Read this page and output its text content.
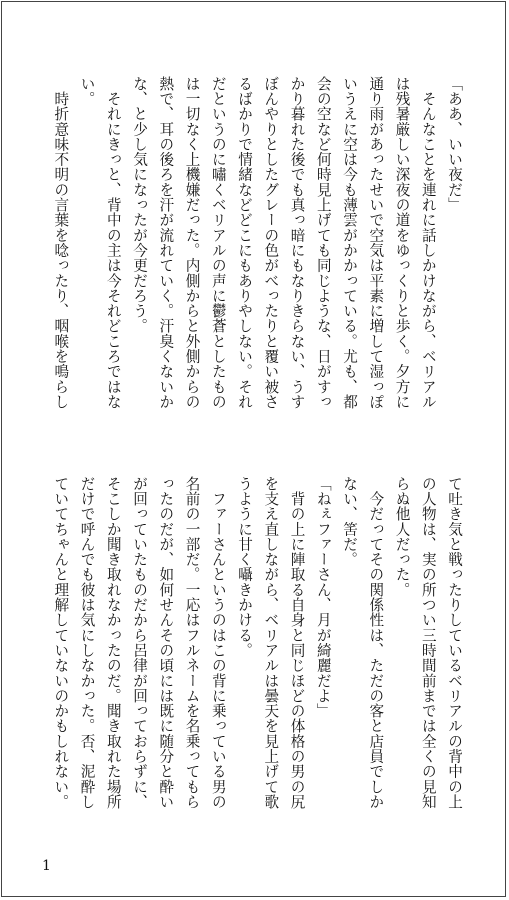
「ああ、いい夜だ」
　そんなことを連れに話しかけながら、ベリアル
は残暑厳しい深夜の道をゆっくりと歩く。夕方に
通り雨があったせいで空気は平素に増して湿っぽ
いうえに空は今も薄雲がかかっている。尤も、都
会の空など何時見上げても同じような、日がすっ
かり暮れた後でも真っ暗にもなりきらない、うす
ぼんやりとしたグレーの色がべったりと覆い被さ
るばかりで情緒などどこにもありやしない。それ
だというのに嘯くベリアルの声に鬱蒼としたもの
は一切なく上機嫌だった。内側からと外側からの
熱で、耳の後ろを汗が流れていく。汗臭くないか
な、と少し気になったが今更だろう。
　それにきっと、背中の主は今それどころではな
い。
　時折意味不明の言葉を唸ったり、咽喉を鳴らし
て吐き気と戦ったりしているベリアルの背中の上
の人物は、実の所つい三時間前までは全くの見知
らぬ他人だった。
　今だってその関係性は、ただの客と店員でしか
ない、筈だ。
「ねぇファーさん、月が綺麗だよ」
　背の上に陣取る自身と同じほどの体格の男の尻
を支え直しながら、ベリアルは曇天を見上げて歌
うように甘く囁きかける。
　ファーさんというのはこの背に乗っている男の
名前の一部だ。一応はフルネームを名乗ってもら
ったのだが、如何せんその頃には既に随分と酔い
が回っていたものだから呂律が回っておらずに、
そこしか聞き取れなかったのだ。聞き取れた場所
だけで呼んでも彼は気にしなかった。否、泥酔し
ていてちゃんと理解していないのかもしれない。
1
